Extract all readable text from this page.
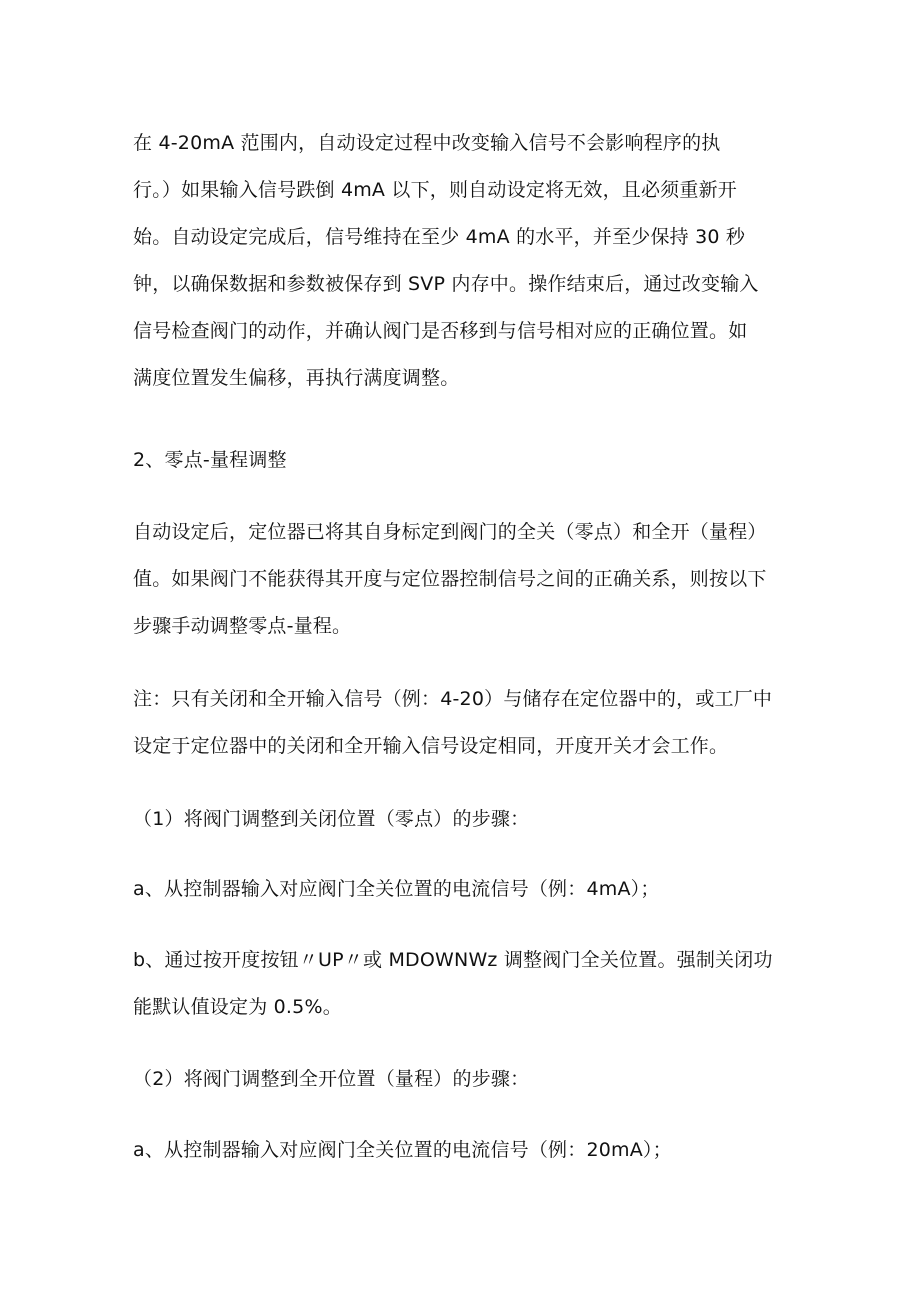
在 4-20mA 范围内，自动设定过程中改变输入信号不会影响程序的执
行。）如果输入信号跌倒 4mA 以下，则自动设定将无效，且必须重新开
始。自动设定完成后，信号维持在至少 4mA 的水平，并至少保持 30 秒
钟，以确保数据和参数被保存到 SVP 内存中。操作结束后，通过改变输入
信号检查阀门的动作，并确认阀门是否移到与信号相对应的正确位置。如
满度位置发生偏移，再执行满度调整。
2、零点-量程调整
自动设定后，定位器已将其自身标定到阀门的全关（零点）和全开（量程）
值。如果阀门不能获得其开度与定位器控制信号之间的正确关系，则按以下
步骤手动调整零点-量程。
注：只有关闭和全开输入信号（例：4-20）与储存在定位器中的，或工厂中
设定于定位器中的关闭和全开输入信号设定相同，开度开关才会工作。
（1）将阀门调整到关闭位置（零点）的步骤：
a、从控制器输入对应阀门全关位置的电流信号（例：4mA）；
b、通过按开度按钮〃UP〃或 MDOWNWz 调整阀门全关位置。强制关闭功
能默认值设定为 0.5%。
（2）将阀门调整到全开位置（量程）的步骤：
a、从控制器输入对应阀门全关位置的电流信号（例：20mA）；
